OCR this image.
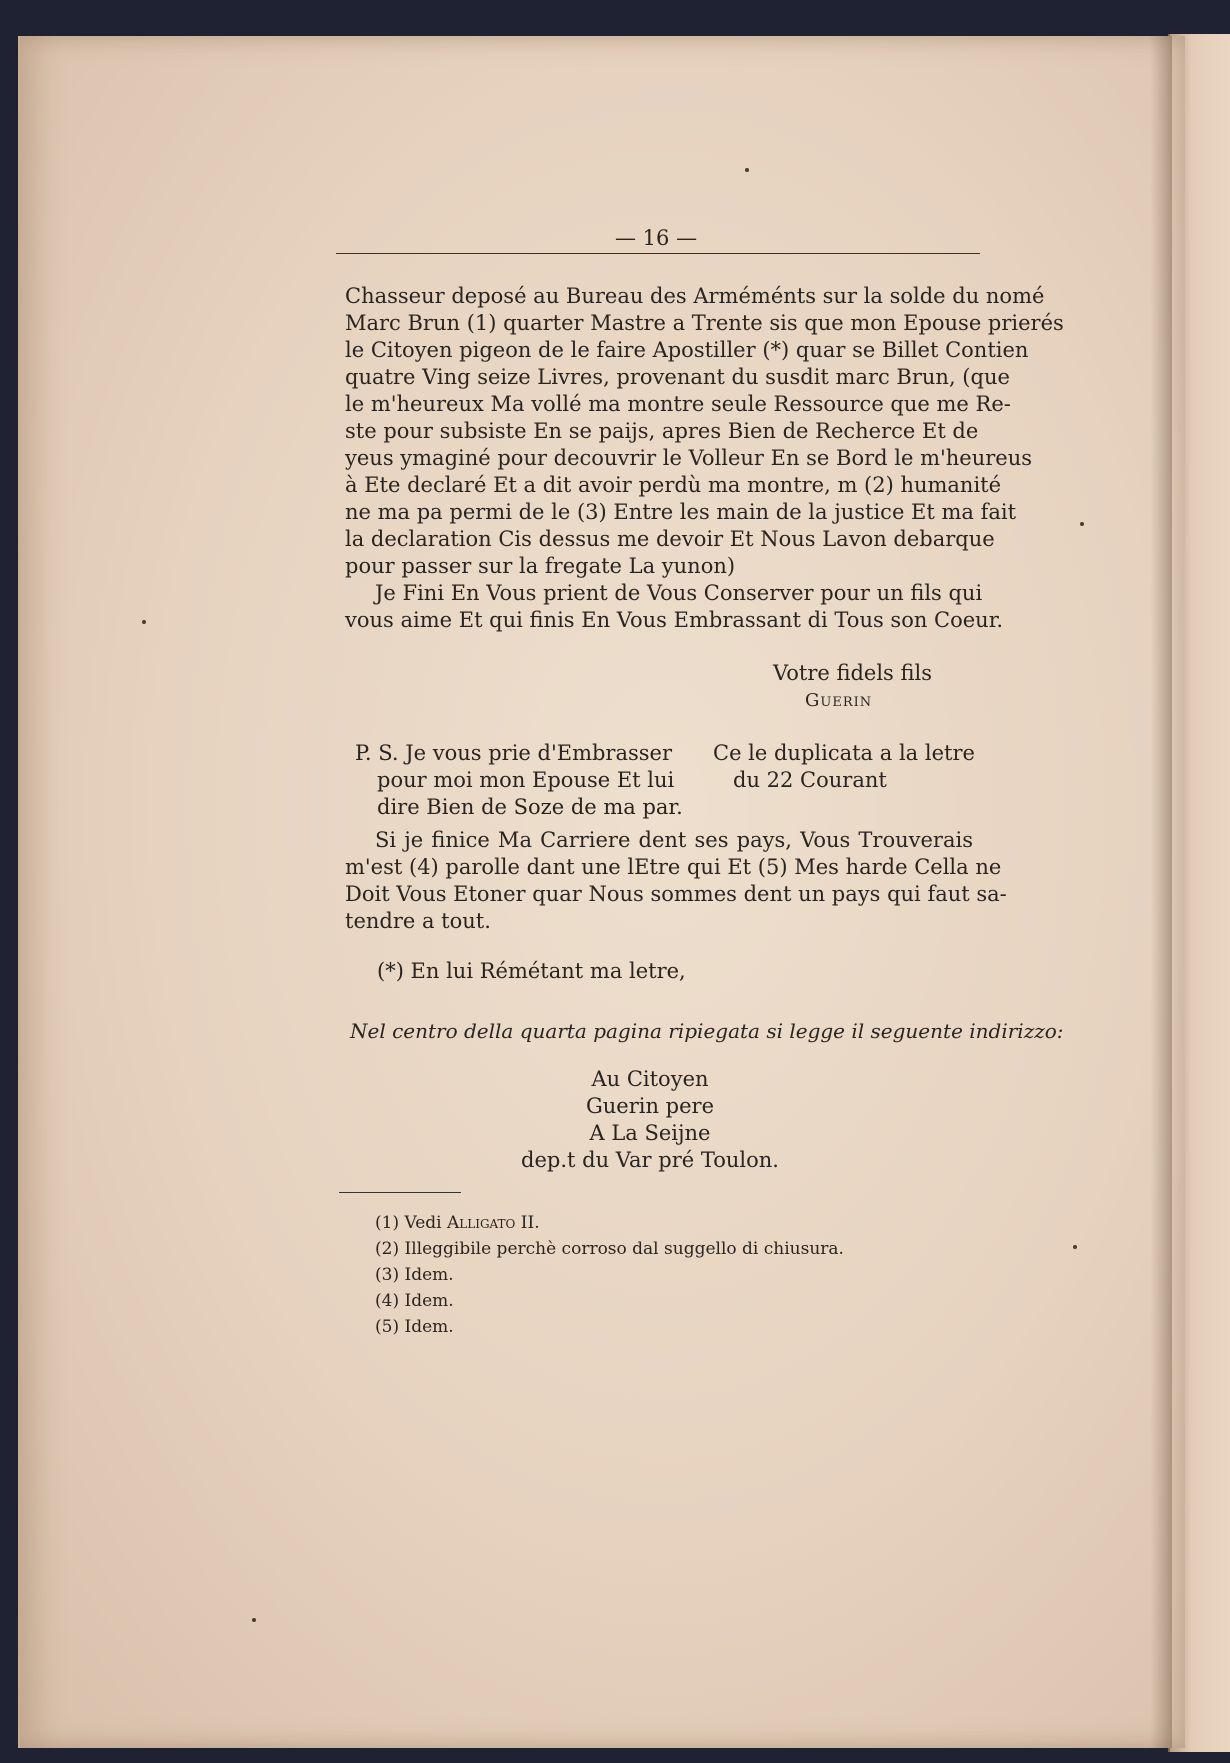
— 16 —
Chasseur deposé au Bureau des Arméménts sur la solde du nomé
Marc Brun (1) quarter Mastre a Trente sis que mon Epouse prierés
le Citoyen pigeon de le faire Apostiller (*) quar se Billet Contien
quatre Ving seize Livres, provenant du susdit marc Brun, (que
le m'heureux Ma vollé ma montre seule Ressource que me Re-
ste pour subsiste En se paijs, apres Bien de Recherce Et de
yeus ymaginé pour decouvrir le Volleur En se Bord le m'heureus
à Ete declaré Et a dit avoir perdù ma montre, m (2) humanité
ne ma pa permi de le (3) Entre les main de la justice Et ma fait
la declaration Cis dessus me devoir Et Nous Lavon debarque
pour passer sur la fregate La yunon)
Je Fini En Vous prient de Vous Conserver pour un fils qui
vous aime Et qui finis En Vous Embrassant di Tous son Coeur.
Votre fidels fils
Guerin
P. S. Je vous prie d'Embrasser
pour moi mon Epouse Et lui
dire Bien de Soze de ma par.
Ce le duplicata a la letre
du 22 Courant
Si je finice Ma Carriere dent ses pays, Vous Trouverais
m'est (4) parolle dant une lEtre qui Et (5) Mes harde Cella ne
Doit Vous Etoner quar Nous sommes dent un pays qui faut sa-
tendre a tout.
(*) En lui Rémétant ma letre,
Nel centro della quarta pagina ripiegata si legge il seguente indirizzo:
Au Citoyen
Guerin pere
A La Seijne
dep.t du Var pré Toulon.
(1) Vedi Alligato II.
(2) Illeggibile perchè corroso dal suggello di chiusura.
(3) Idem.
(4) Idem.
(5) Idem.
